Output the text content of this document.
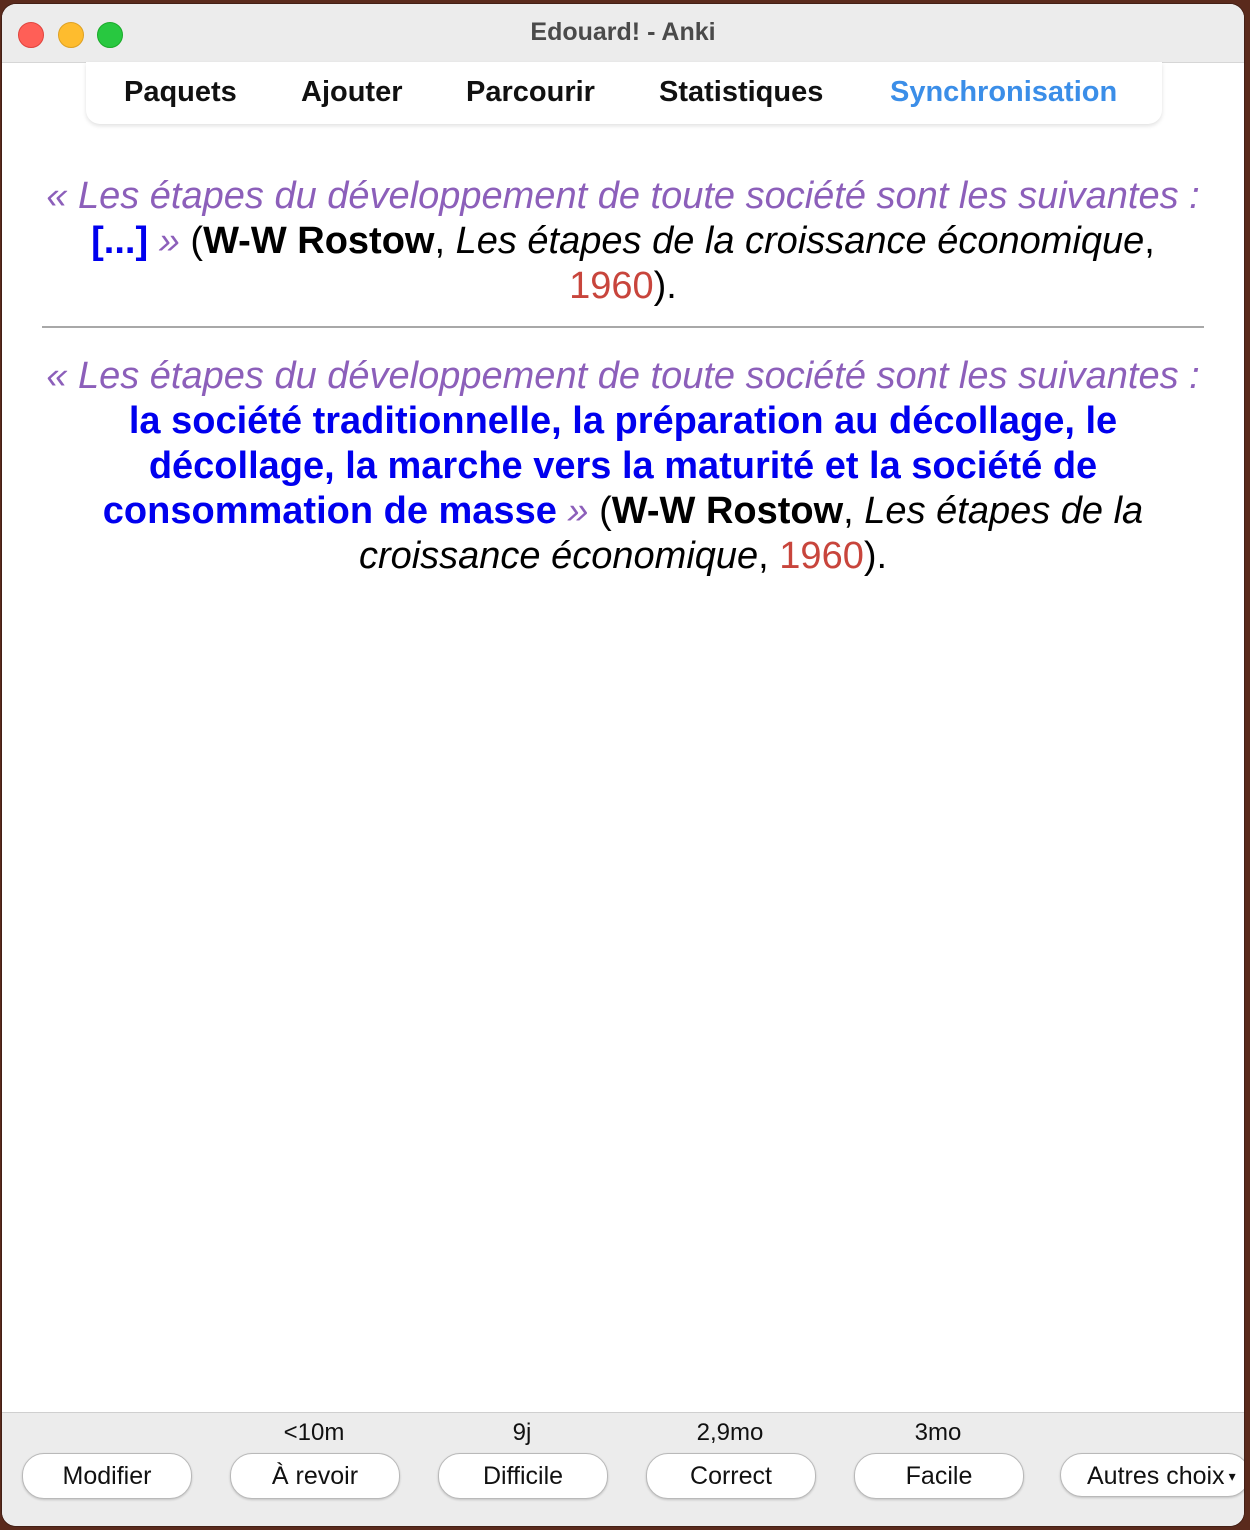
Edouard! - Anki
Paquets Ajouter Parcourir Statistiques Synchronisation
« Les étapes du développement de toute société sont les suivantes : [...] » (W-W Rostow, Les étapes de la croissance économique, 1960).
« Les étapes du développement de toute société sont les suivantes : la société traditionnelle, la préparation au décollage, le décollage, la marche vers la maturité et la société de consommation de masse » (W-W Rostow, Les étapes de la croissance économique, 1960).
Modifier
<10m
À revoir
9j
Difficile
2,9mo
Correct
3mo
Facile	Autres choix ▾
